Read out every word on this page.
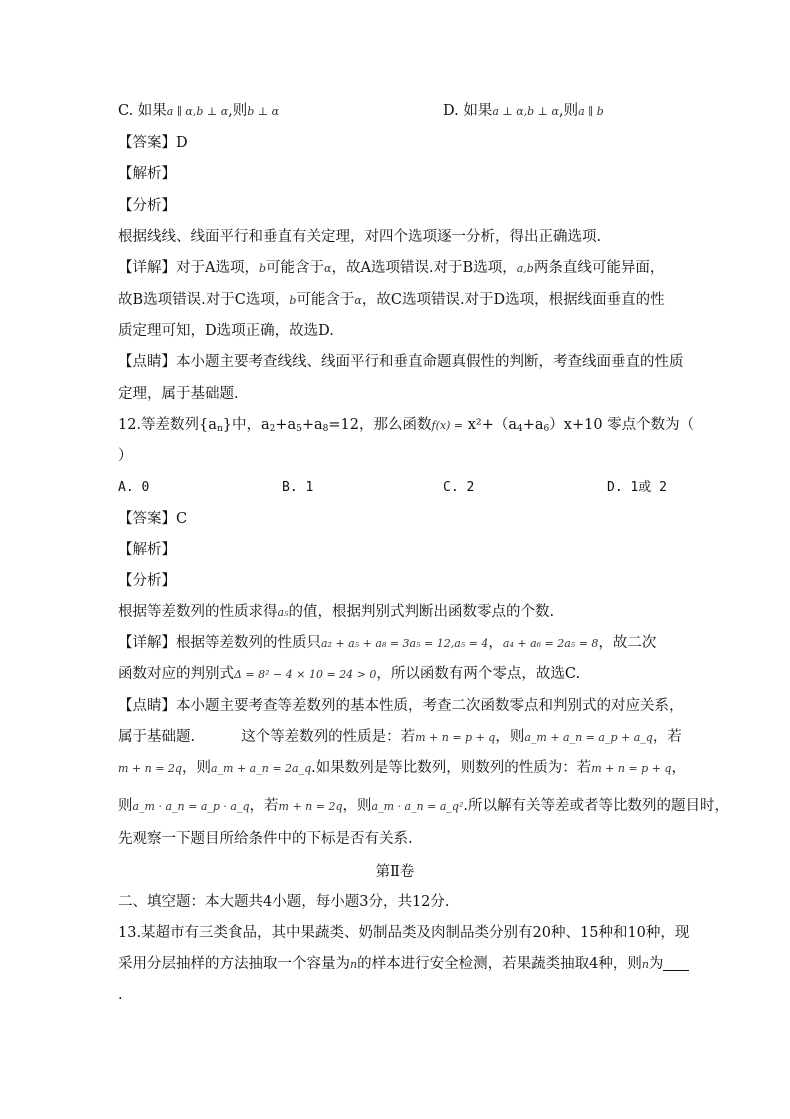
C. 如果a ∥ α,b ⊥ α,则b ⊥ α	D. 如果a ⊥ α,b ⊥ α,则a ∥ b
【答案】D
【解析】
【分析】
根据线线、线面平行和垂直有关定理，对四个选项逐一分析，得出正确选项.
【详解】对于A选项，b可能含于α，故A选项错误.对于B选项，a,b两条直线可能异面，
故B选项错误.对于C选项，b可能含于α，故C选项错误.对于D选项，根据线面垂直的性
质定理可知，D选项正确，故选D.
【点睛】本小题主要考查线线、线面平行和垂直命题真假性的判断，考查线面垂直的性质
定理，属于基础题.
12.等差数列$\{a_n\}$中，$a_2+a_5+a_8=12$，那么函数$f(x) = x^2+(a_4+a_6)x+10$ 零点个数为（
）
A. 0	B. 1	C. 2	D. 1或 2
【答案】C
【解析】
【分析】
根据等差数列的性质求得a₅的值，根据判别式判断出函数零点的个数.
【详解】根据等差数列的性质只a₂ + a₅ + a₈ = 3a₅ = 12,a₅ = 4，a₄ + a₆ = 2a₅ = 8，故二次
函数对应的判别式Δ = 8² − 4 × 10 = 24 > 0，所以函数有两个零点，故选C.
【点睛】本小题主要考查等差数列的基本性质，考查二次函数零点和判别式的对应关系，
属于基础题.	这个等差数列的性质是：若m + n = p + q，则a_m + a_n = a_p + a_q，若
m + n = 2q，则a_m + a_n = 2a_q.如果数列是等比数列，则数列的性质为：若m + n = p + q，
则a_m · a_n = a_p · a_q，若m + n = 2q，则a_m · a_n = a_q².所以解有关等差或者等比数列的题目时，
先观察一下题目所给条件中的下标是否有关系.
第Ⅱ卷
二、填空题：本大题共4小题，每小题3分，共12分.
13.某超市有三类食品，其中果蔬类、奶制品类及肉制品类分别有20种、15种和10种，现
采用分层抽样的方法抽取一个容量为n的样本进行安全检测，若果蔬类抽取4种，则n为
.
